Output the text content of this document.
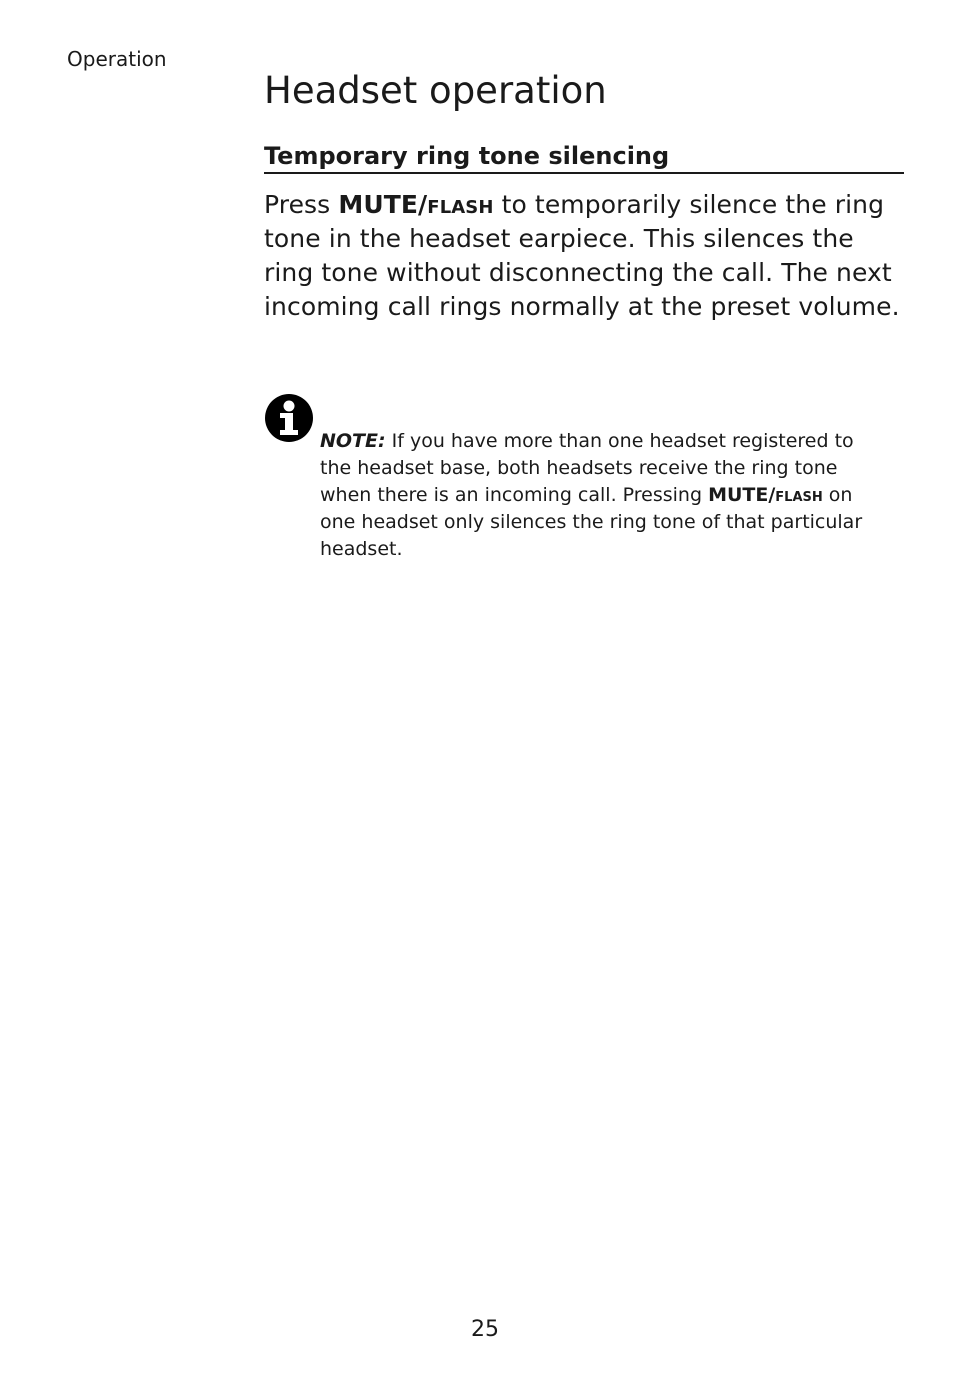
Operation
Headset operation
Temporary ring tone silencing

Press MUTE/flash to temporarily silence the ring tone in the headset earpiece. This silences the ring tone without disconnecting the call. The next incoming call rings normally at the preset volume.

NOTE: If you have more than one headset registered to the headset base, both headsets receive the ring tone when there is an incoming call. Pressing MUTE/flash on one headset only silences the ring tone of that particular headset.

25
